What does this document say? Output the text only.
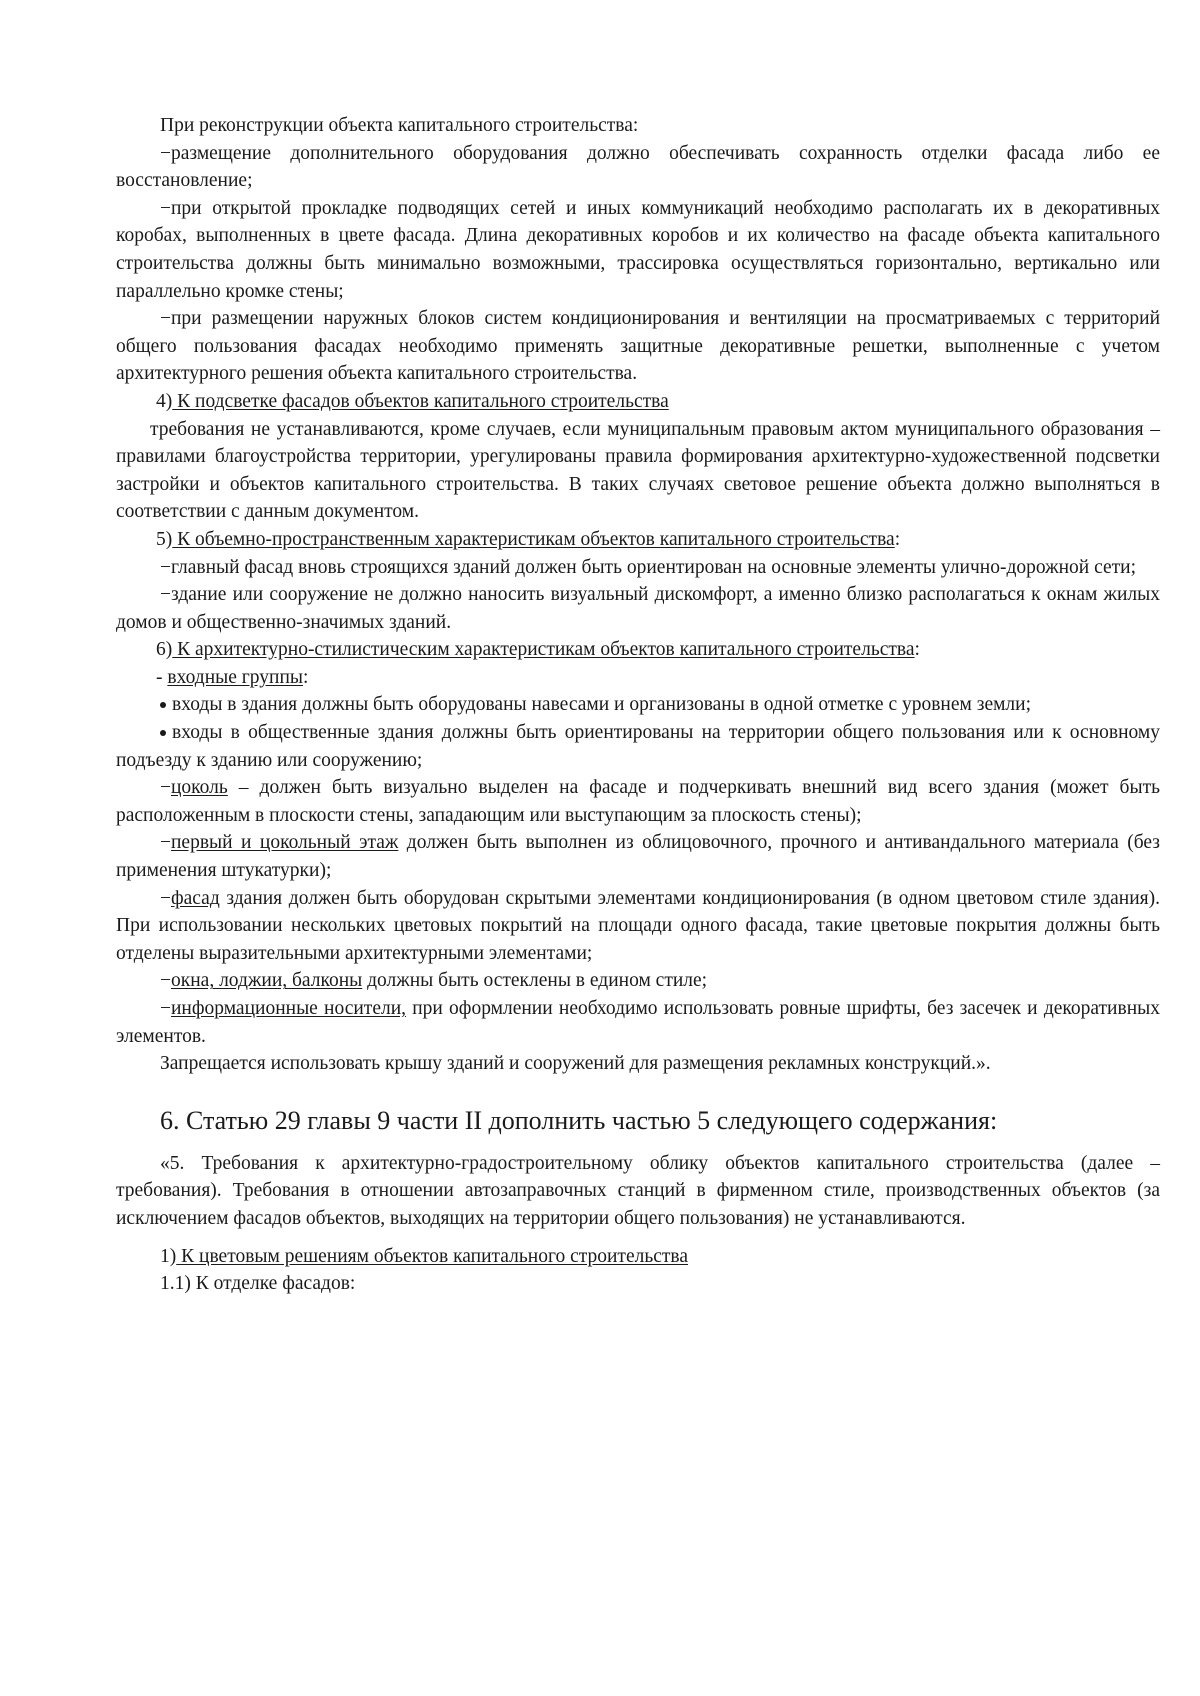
При реконструкции объекта капитального строительства:

−размещение дополнительного оборудования должно обеспечивать сохранность отделки фасада либо ее восстановление;

−при открытой прокладке подводящих сетей и иных коммуникаций необходимо располагать их в декоративных коробах, выполненных в цвете фасада. Длина декоративных коробов и их количество на фасаде объекта капитального строительства должны быть минимально возможными, трассировка осуществляться горизонтально, вертикально или параллельно кромке стены;

−при размещении наружных блоков систем кондиционирования и вентиляции на просматриваемых с территорий общего пользования фасадах необходимо применять защитные декоративные решетки, выполненные с учетом архитектурного решения объекта капитального строительства.

4) К подсветке фасадов объектов капитального строительства

требования не устанавливаются, кроме случаев, если муниципальным правовым актом муниципального образования – правилами благоустройства территории, урегулированы правила формирования архитектурно-художественной подсветки застройки и объектов капитального строительства. В таких случаях световое решение объекта должно выполняться в соответствии с данным документом.

5) К объемно-пространственным характеристикам объектов капитального строительства:

−главный фасад вновь строящихся зданий должен быть ориентирован на основные элементы улично-дорожной сети;

−здание или сооружение не должно наносить визуальный дискомфорт, а именно близко располагаться к окнам жилых домов и общественно-значимых зданий.

6) К архитектурно-стилистическим характеристикам объектов капитального строительства:

- входные группы:

входы в здания должны быть оборудованы навесами и организованы в одной отметке с уровнем земли;

входы в общественные здания должны быть ориентированы на территории общего пользования или к основному подъезду к зданию или сооружению;

−цоколь – должен быть визуально выделен на фасаде и подчеркивать внешний вид всего здания (может быть расположенным в плоскости стены, западающим или выступающим за плоскость стены);

−первый и цокольный этаж должен быть выполнен из облицовочного, прочного и антивандального материала (без применения штукатурки);

−фасад здания должен быть оборудован скрытыми элементами кондиционирования (в одном цветовом стиле здания). При использовании нескольких цветовых покрытий на площади одного фасада, такие цветовые покрытия должны быть отделены выразительными архитектурными элементами;

−окна, лоджии, балконы должны быть остеклены в едином стиле;

−информационные носители, при оформлении необходимо использовать ровные шрифты, без засечек и декоративных элементов.

Запрещается использовать крышу зданий и сооружений для размещения рекламных конструкций.».

6. Статью 29 главы 9 части II дополнить частью 5 следующего содержания:

«5. Требования к архитектурно-градостроительному облику объектов капитального строительства (далее – требования). Требования в отношении автозаправочных станций в фирменном стиле, производственных объектов (за исключением фасадов объектов, выходящих на территории общего пользования) не устанавливаются.

1) К цветовым решениям объектов капитального строительства

1.1) К отделке фасадов:
